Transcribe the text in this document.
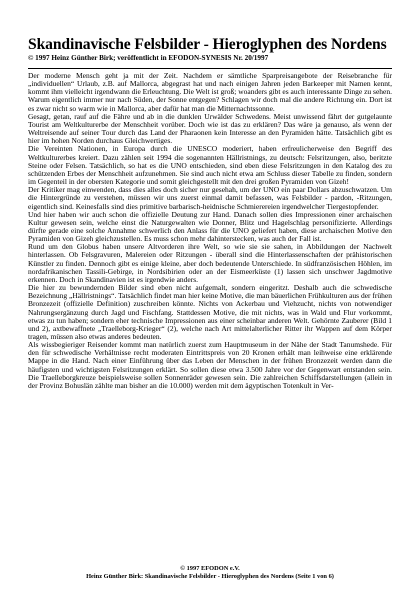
Skandinavische Felsbilder - Hieroglyphen des Nordens
© 1997 Heinz Günther Birk; veröffentlicht in EFODON-SYNESIS Nr. 20/1997

Der moderne Mensch geht ja mit der Zeit. Nachdem er sämtliche Sparpreisangebote der Reisebranche für „individuellen“ Urlaub, z.B. auf Mallorca, abgegrast hat und nach einigen Jahren jeden Barkeeper mit Namen kennt, kommt ihm vielleicht irgendwann die Erleuchtung. Die Welt ist groß; woanders gibt es auch interessante Dinge zu sehen. Warum eigentlich immer nur nach Süden, der Sonne entgegen? Schlagen wir doch mal die andere Richtung ein. Dort ist es zwar nicht so warm wie in Mallorca, aber dafür hat man die Mitternachtssonne.

Gesagt, getan, rauf auf die Fähre und ab in die dunklen Urwälder Schwedens. Meist unwissend fährt der gutgelaunte Tourist am Weltkulturerbe der Menschheit vorüber. Doch wie ist das zu erklären? Das wäre ja genauso, als wenn der Weltreisende auf seiner Tour durch das Land der Pharaonen kein Interesse an den Pyramiden hätte. Tatsächlich gibt es hier im hohen Norden durchaus Gleichwertiges.

Die Vereinten Nationen, in Europa durch die UNESCO moderiert, haben erfreulicherweise den Begriff des Weltkulturerbes kreiert. Dazu zählen seit 1994 die sogenannten Hällristnings, zu deutsch: Felsritzungen, also, beritzte Steine oder Felsen. Tatsächlich, so hat es die UNO entschieden, sind eben diese Felsritzungen in den Katalog des zu schützenden Erbes der Menschheit aufzunehmen. Sie sind auch nicht etwa am Schluss dieser Tabelle zu finden, sondern im Gegenteil in der obersten Kategorie und somit gleichgestellt mit den drei großen Pyramiden von Gizeh!

Der Kritiker mag einwenden, dass dies alles doch sicher nur gesehah, um der UNO ein paar Dollars abzuschwatzen. Um die Hintergründe zu verstehen, müssen wir uns zuerst einmal damit befassen, was Felsbilder - pardon, -Ritzungen, eigentlich sind. Keinesfalls sind dies primitive barbarisch-heidnische Schmierereien irgendwelcher Tiergestopfender.

Und hier haben wir auch schon die offizielle Deutung zur Hand. Danach sollen dies Impressionen einer archaischen Kultur gewesen sein, welche einst die Naturgewalten wie Donner, Blitz und Hagelschlag personifizierte. Allerdings dürfte gerade eine solche Annahme schwerlich den Anlass für die UNO geliefert haben, diese archaischen Motive den Pyramiden von Gizeh gleichzustellen. Es muss schon mehr dahinterstecken, was auch der Fall ist.

Rund um den Globus haben unsere Altvorderen ihre Welt, so wie sie sie sahen, in Abbildungen der Nachwelt hinterlassen. Ob Felsgravuren, Malereien oder Ritzungen - überall sind die Hinterlassenschaften der prähistorischen Künstler zu finden. Dennoch gibt es einige kleine, aber doch bedeutende Unterschiede. In südfranzösischen Höhlen, im nordafrikanischen Tassili-Gebirge, in Nordsibirien oder an der Eismeerküste (1) lassen sich unschwer Jagdmotive erkennen. Doch in Skandinavien ist es irgendwie anders.

Die hier zu bewundernden Bilder sind eben nicht aufgemalt, sondern eingeritzt. Deshalb auch die schwedische Bezeichnung „Hällristnings“. Tatsächlich findet man hier keine Motive, die man bäuerlichen Frühkulturen aus der frühen Bronzezeit (offizielle Definition) zuschreiben könnte. Nichts von Ackerbau und Viehzucht, nichts von notwendiger Nahrungsergänzung durch Jagd und Fischfang. Stattdessen Motive, die mit nichts, was in Wald und Flur vorkommt, etwas zu tun haben; sondern eher technische Impressionen aus einer scheinbar anderen Welt. Gehörnte Zauberer (Bild 1 und 2), axtbewaffnete „Traelleborg-Krieger“ (2), welche nach Art mittelalterlicher Ritter ihr Wappen auf dem Körper tragen, müssen also etwas anderes bedeuten.

Als wissbegieriger Reisender kommt man natürlich zuerst zum Hauptmuseum in der Nähe der Stadt Tanumshede. Für den für schwedische Verhältnisse recht moderaten Eintrittspreis von 20 Kronen erhält man leihweise eine erklärende Mappe in die Hand. Nach einer Einführung über das Leben der Menschen in der frühen Bronzezeit werden dann die häufigsten und wichtigsten Felsritzungen erklärt. So sollen diese etwa 3.500 Jahre vor der Gegenwart entstanden sein. Die Traelleborgkreuze beispielsweise sollen Sonnenräder gewesen sein. Die zahlreichen Schiffsdarstellungen (allein in der Provinz Bohuslän zählte man bisher an die 10.000) werden mit dem ägyptischen Totenkult in Ver-

© 1997 EFODON e.V.
Heinz Günther Birk: Skandinavische Felsbilder - Hieroglyphen des Nordens (Seite 1 von 6)
